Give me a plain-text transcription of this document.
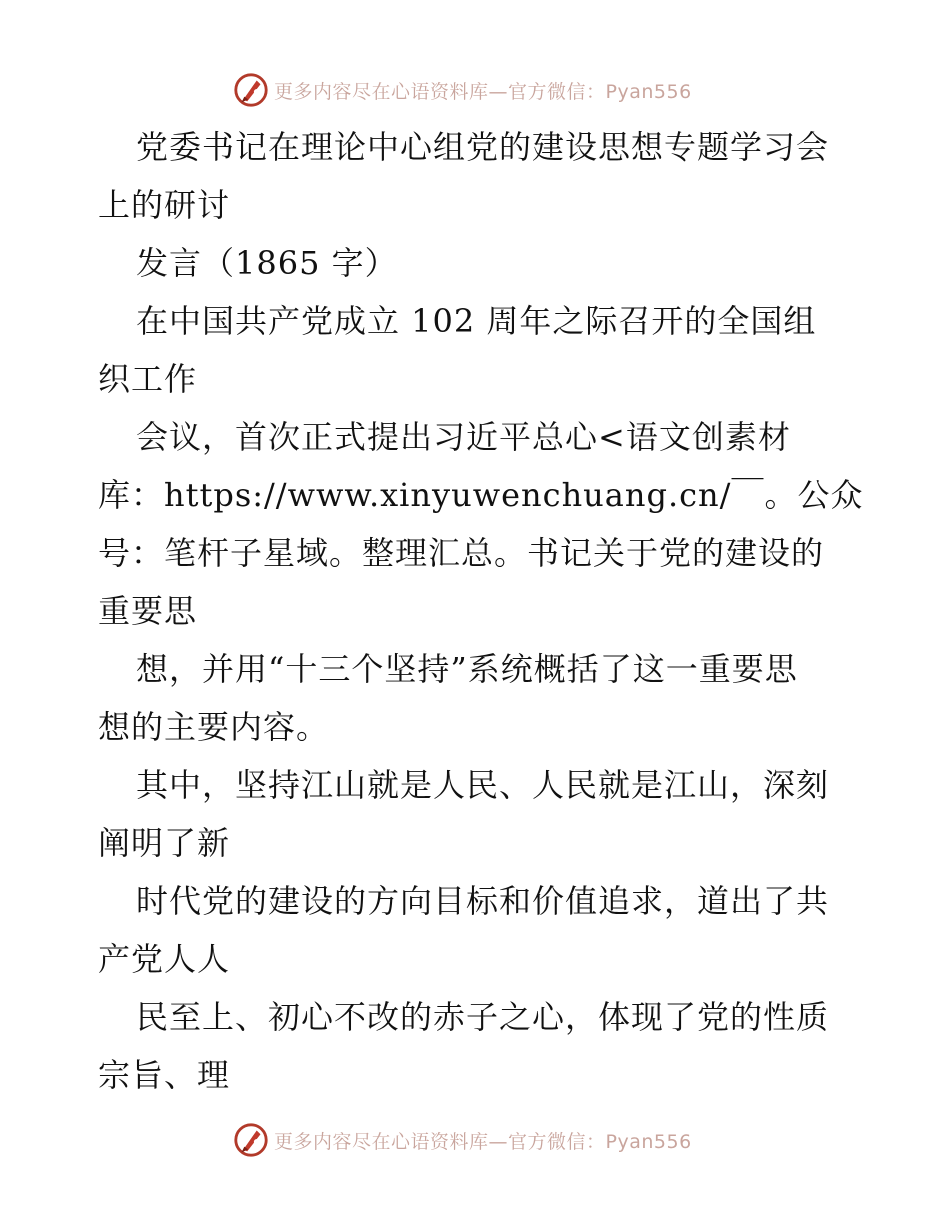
更多内容尽在心语资料库—官方微信：Pyan556
党委书记在理论中心组党的建设思想专题学习会
上的研讨
发言（1865 字）
在中国共产党成立 102 周年之际召开的全国组
织工作
会议，首次正式提出习近平总心<语文创素材
库：https://www.xinyuwenchuang.cn/￣。公众
号：笔杆子星域。整理汇总。书记关于党的建设的
重要思
想，并用“十三个坚持”系统概括了这一重要思
想的主要内容。
其中，坚持江山就是人民、人民就是江山，深刻
阐明了新
时代党的建设的方向目标和价值追求，道出了共
产党人人
民至上、初心不改的赤子之心，体现了党的性质
宗旨、理
更多内容尽在心语资料库—官方微信：Pyan556
